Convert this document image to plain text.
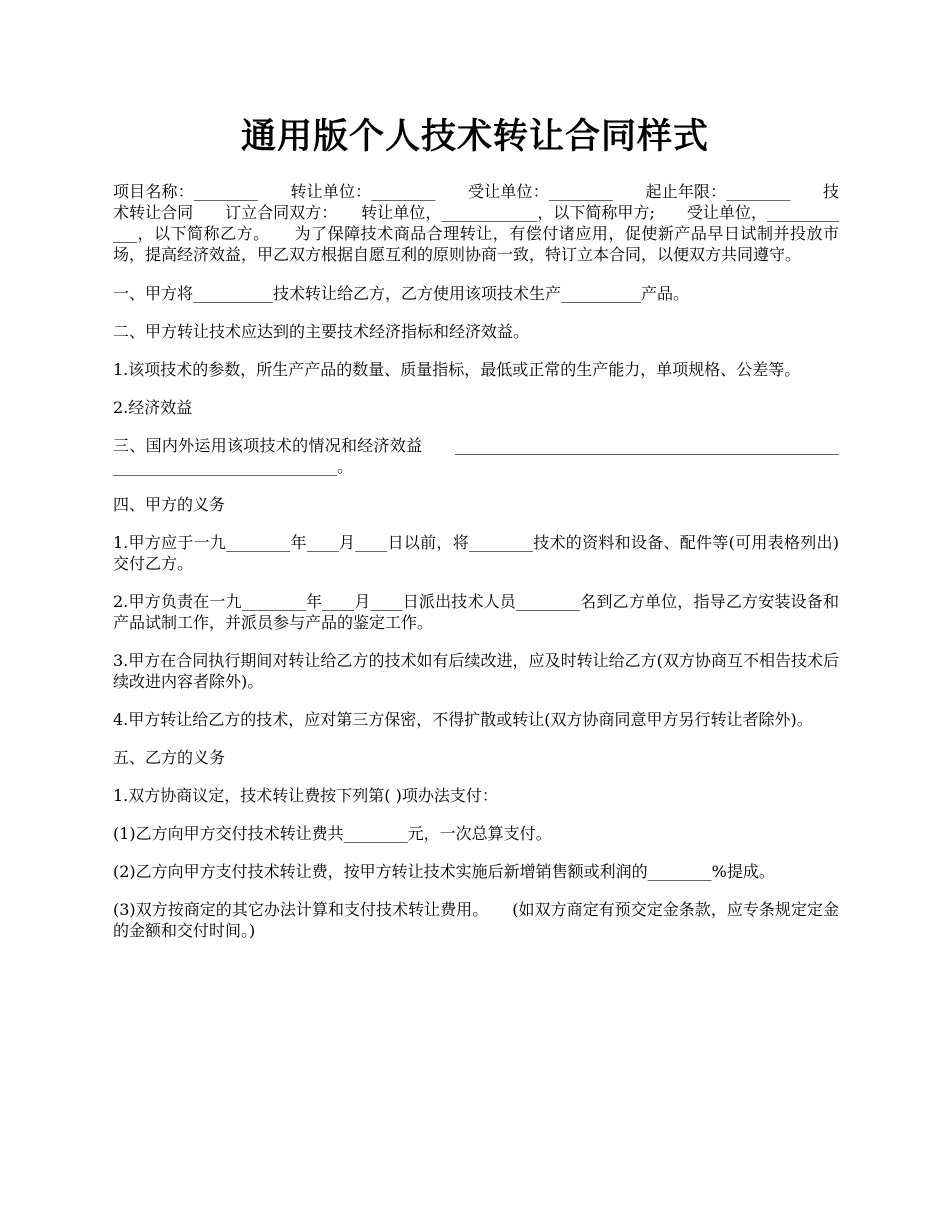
通用版个人技术转让合同样式

项目名称：________　　转让单位：________　　受让单位：________　　起止年限：________　　技术转让合同　　订立合同双方：　　转让单位，____________，以下简称甲方;　　受让单位，____________，以下简称乙方。　　为了保障技术商品合理转让，有偿付诸应用，促使新产品早日试制并投放市场，提高经济效益，甲乙双方根据自愿互利的原则协商一致，特订立本合同，以便双方共同遵守。

一、甲方将__________技术转让给乙方，乙方使用该项技术生产__________产品。

二、甲方转让技术应达到的主要技术经济指标和经济效益。

1.该项技术的参数，所生产产品的数量、质量指标，最低或正常的生产能力，单项规格、公差等。

2.经济效益

三、国内外运用该项技术的情况和经济效益　　____________________________________________________________________________。

四、甲方的义务

1.甲方应于一九________年____月____日以前，将________技术的资料和设备、配件等(可用表格列出)交付乙方。

2.甲方负责在一九________年____月____日派出技术人员________名到乙方单位，指导乙方安装设备和产品试制工作，并派员参与产品的鉴定工作。

3.甲方在合同执行期间对转让给乙方的技术如有后续改进，应及时转让给乙方(双方协商互不相告技术后续改进内容者除外)。

4.甲方转让给乙方的技术，应对第三方保密，不得扩散或转让(双方协商同意甲方另行转让者除外)。

五、乙方的义务

1.双方协商议定，技术转让费按下列第( )项办法支付：

(1)乙方向甲方交付技术转让费共________元，一次总算支付。

(2)乙方向甲方支付技术转让费，按甲方转让技术实施后新增销售额或利润的________%提成。

(3)双方按商定的其它办法计算和支付技术转让费用。　　(如双方商定有预交定金条款，应专条规定定金的金额和交付时间。)
